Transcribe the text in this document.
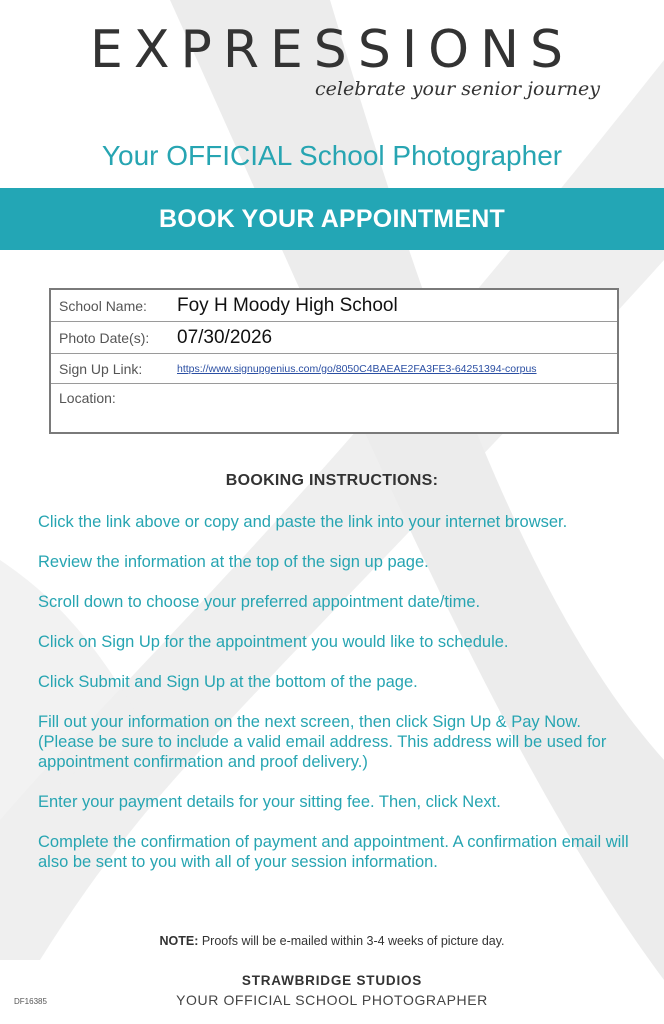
EXPRESSIONS
celebrate your senior journey
Your OFFICIAL School Photographer
BOOK YOUR APPOINTMENT
School Name:	Foy H Moody High School
Photo Date(s):	07/30/2026
Sign Up Link:	https://www.signupgenius.com/go/8050C4BAEAE2FA3FE3-64251394-corpus
Location:
BOOKING INSTRUCTIONS:

Click the link above or copy and paste the link into your internet browser.

Review the information at the top of the sign up page.

Scroll down to choose your preferred appointment date/time.

Click on Sign Up for the appointment you would like to schedule.

Click Submit and Sign Up at the bottom of the page.

Fill out your information on the next screen, then click Sign Up & Pay Now. (Please be sure to include a valid email address. This address will be used for appointment confirmation and proof delivery.)

Enter your payment details for your sitting fee. Then, click Next.

Complete the confirmation of payment and appointment. A confirmation email will also be sent to you with all of your session information.

NOTE: Proofs will be e-mailed within 3-4 weeks of picture day.
STRAWBRIDGE STUDIOS
YOUR OFFICIAL SCHOOL PHOTOGRAPHER
DF16385
